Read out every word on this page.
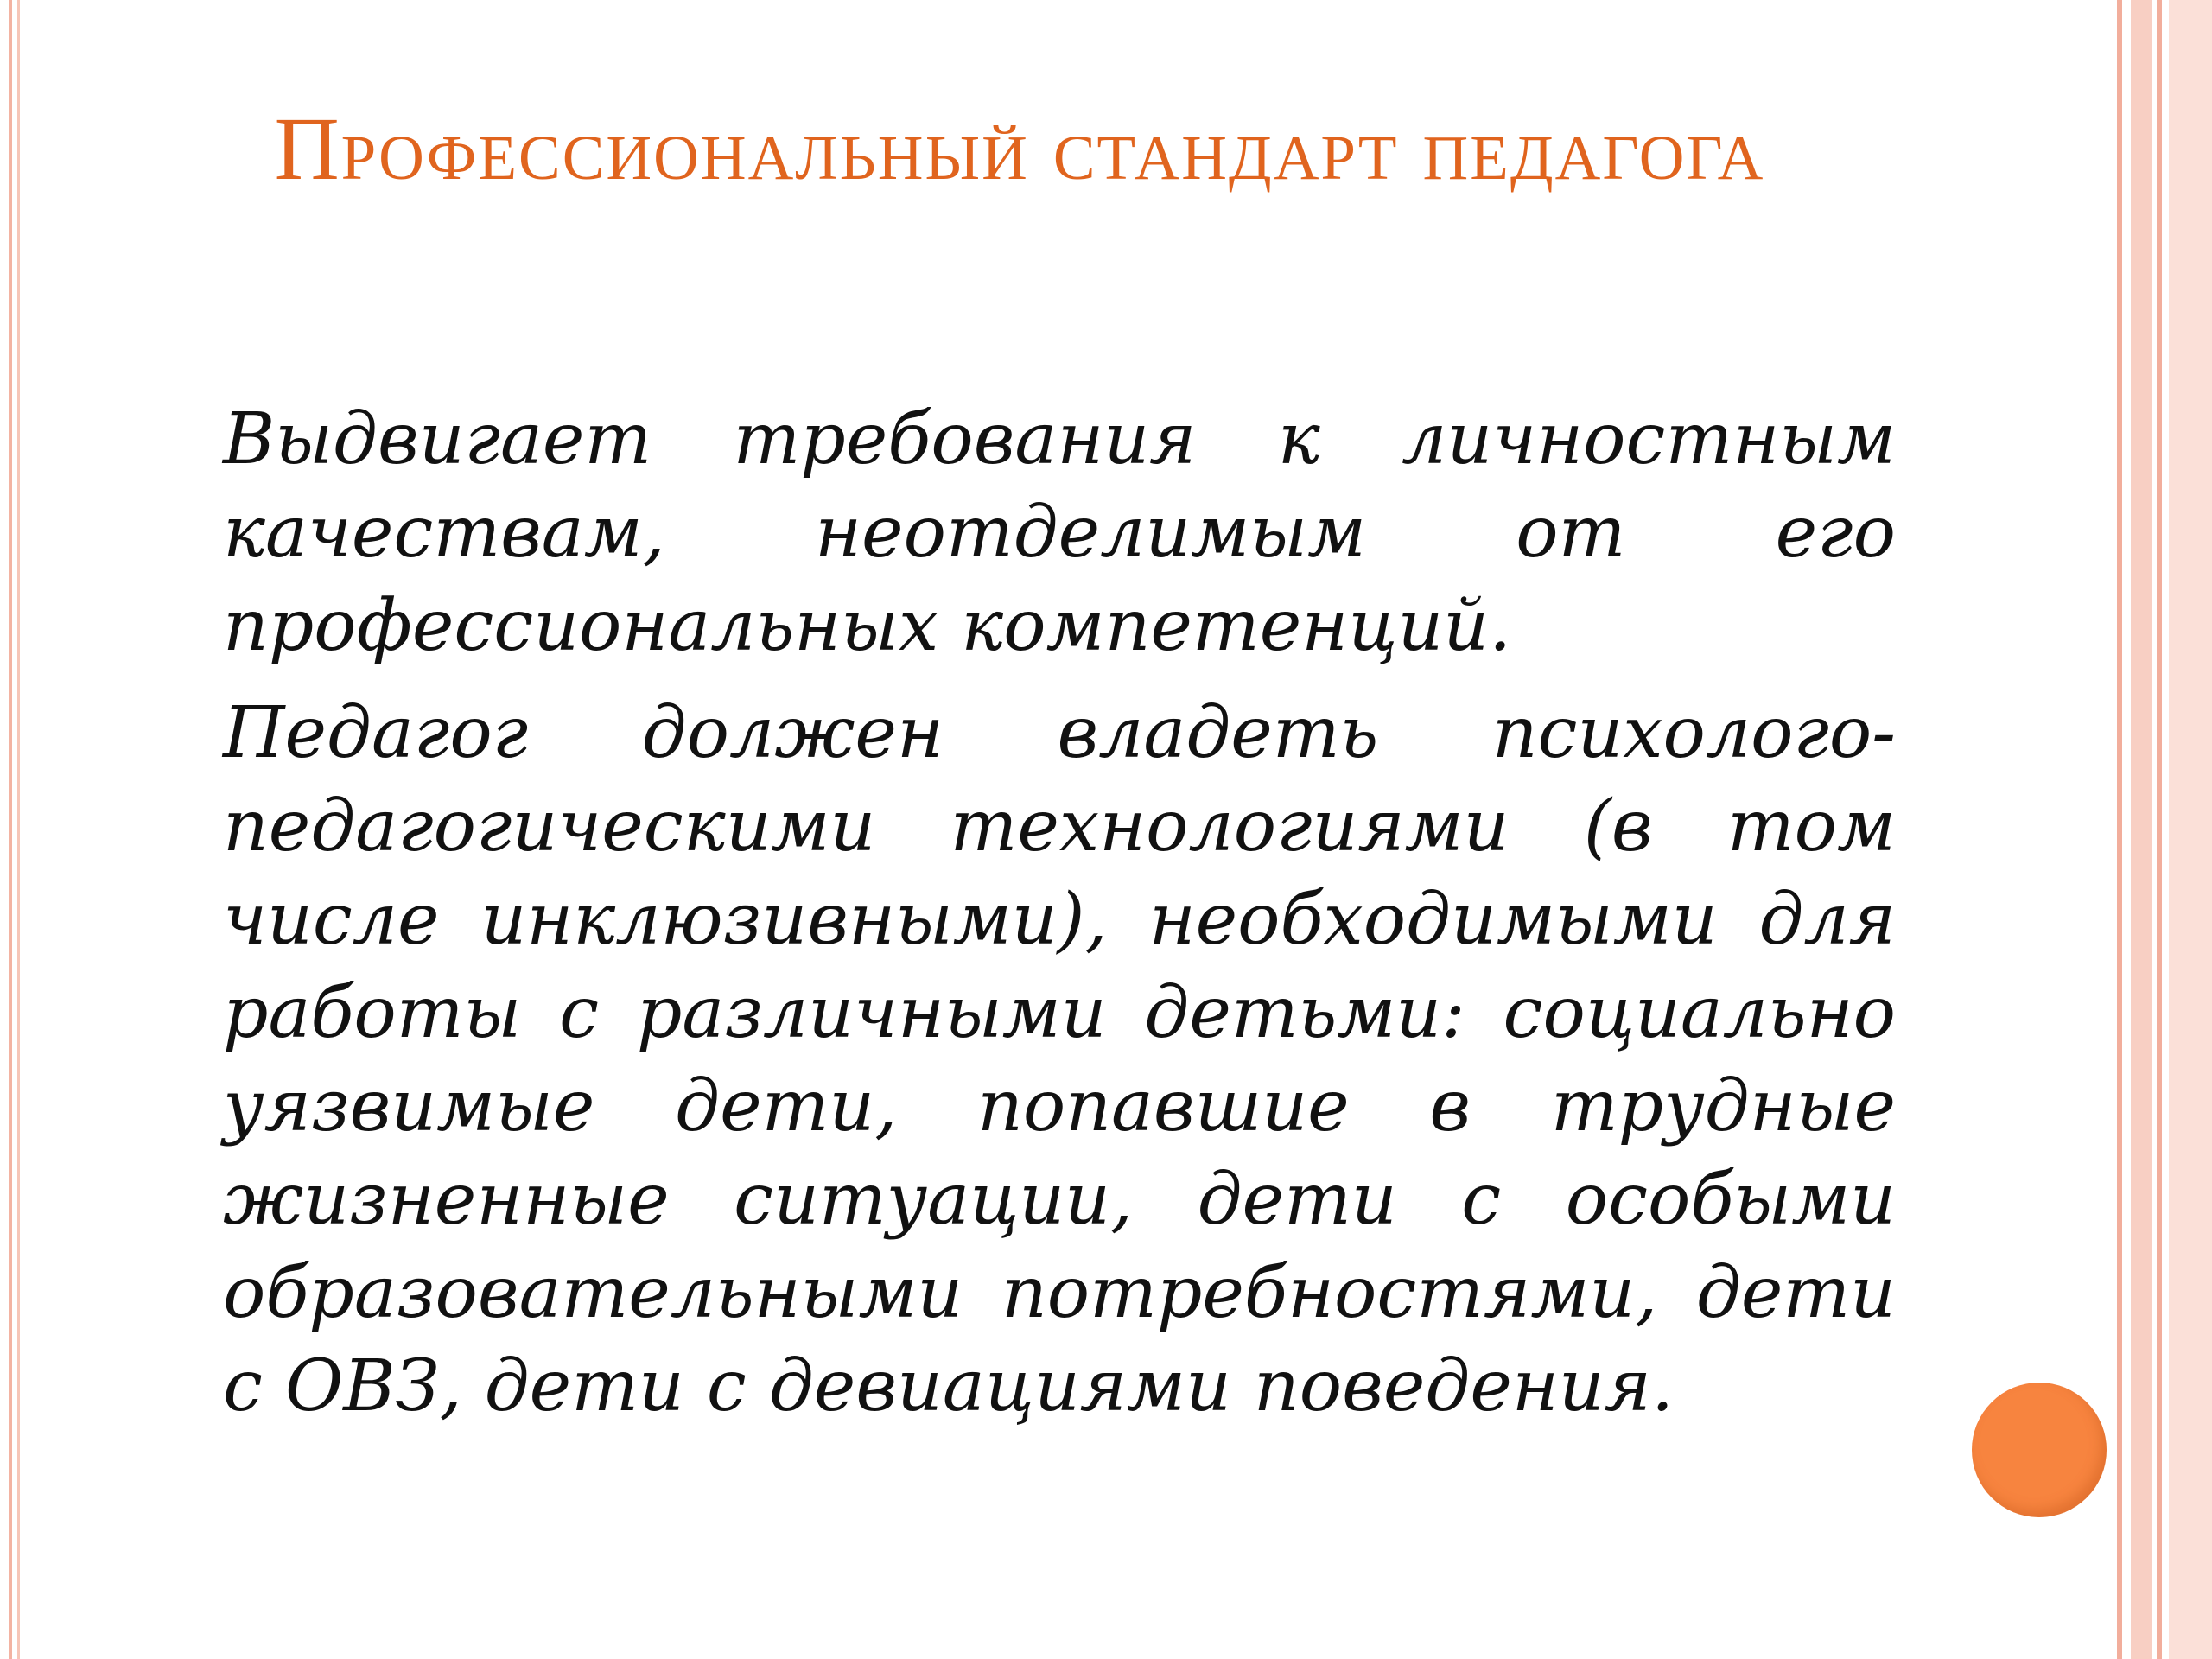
Профессиональный стандарт педагога

Выдвигает требования к личностным качествам, неотделимым от его профессиональных компетенций.

Педагог должен владеть психолого-педагогическими технологиями (в том числе инклюзивными), необходимыми для работы с различными детьми: социально уязвимые дети, попавшие в трудные жизненные ситуации, дети с особыми образовательными потребностями, дети с ОВЗ, дети с девиациями поведения.
